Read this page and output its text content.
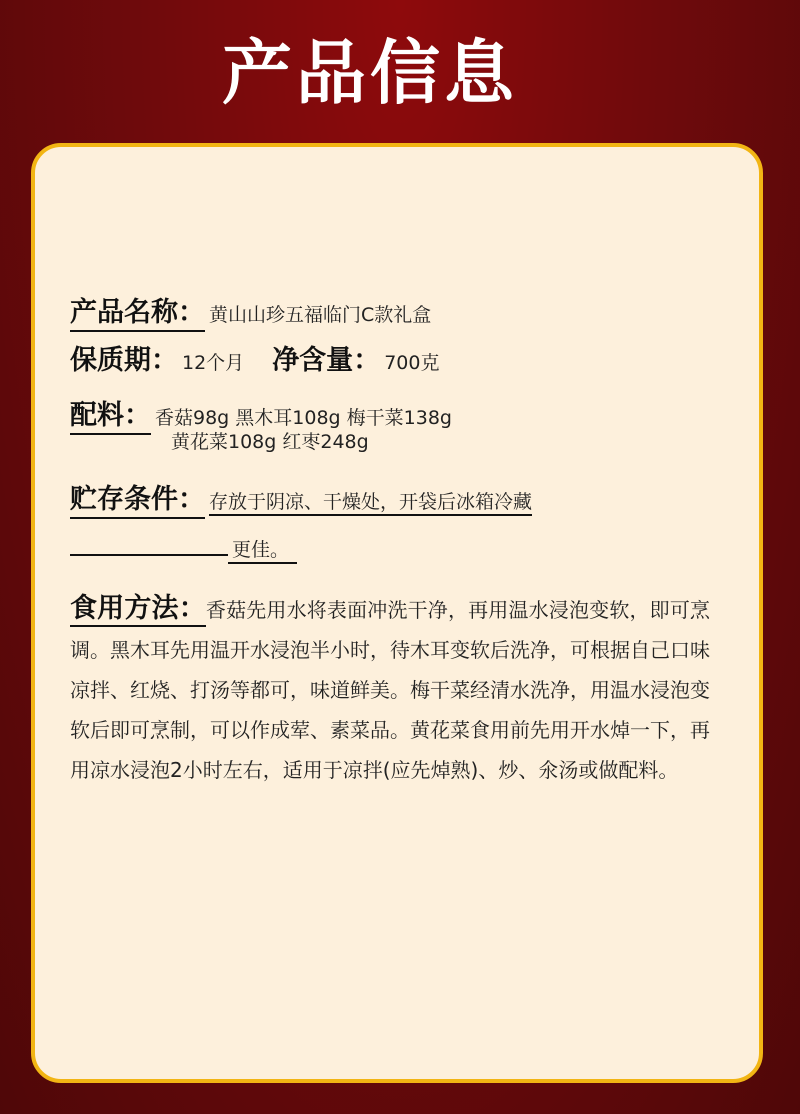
产品信息
产品名称： 黄山山珍五福临门C款礼盒
保质期： 12个月 净含量： 700克
配料： 香菇98g 黑木耳108g 梅干菜138g
黄花菜108g 红枣248g
贮存条件： 存放于阴凉、干燥处，开袋后冰箱冷藏
更佳。
食用方法：香菇先用水将表面冲洗干净，再用温水浸泡变软，即可烹调。黑木耳先用温开水浸泡半小时，待木耳变软后洗净，可根据自己口味凉拌、红烧、打汤等都可，味道鲜美。梅干菜经清水洗净，用温水浸泡变软后即可烹制，可以作成荤、素菜品。黄花菜食用前先用开水焯一下，再用凉水浸泡2小时左右，适用于凉拌(应先焯熟)、炒、氽汤或做配料。
